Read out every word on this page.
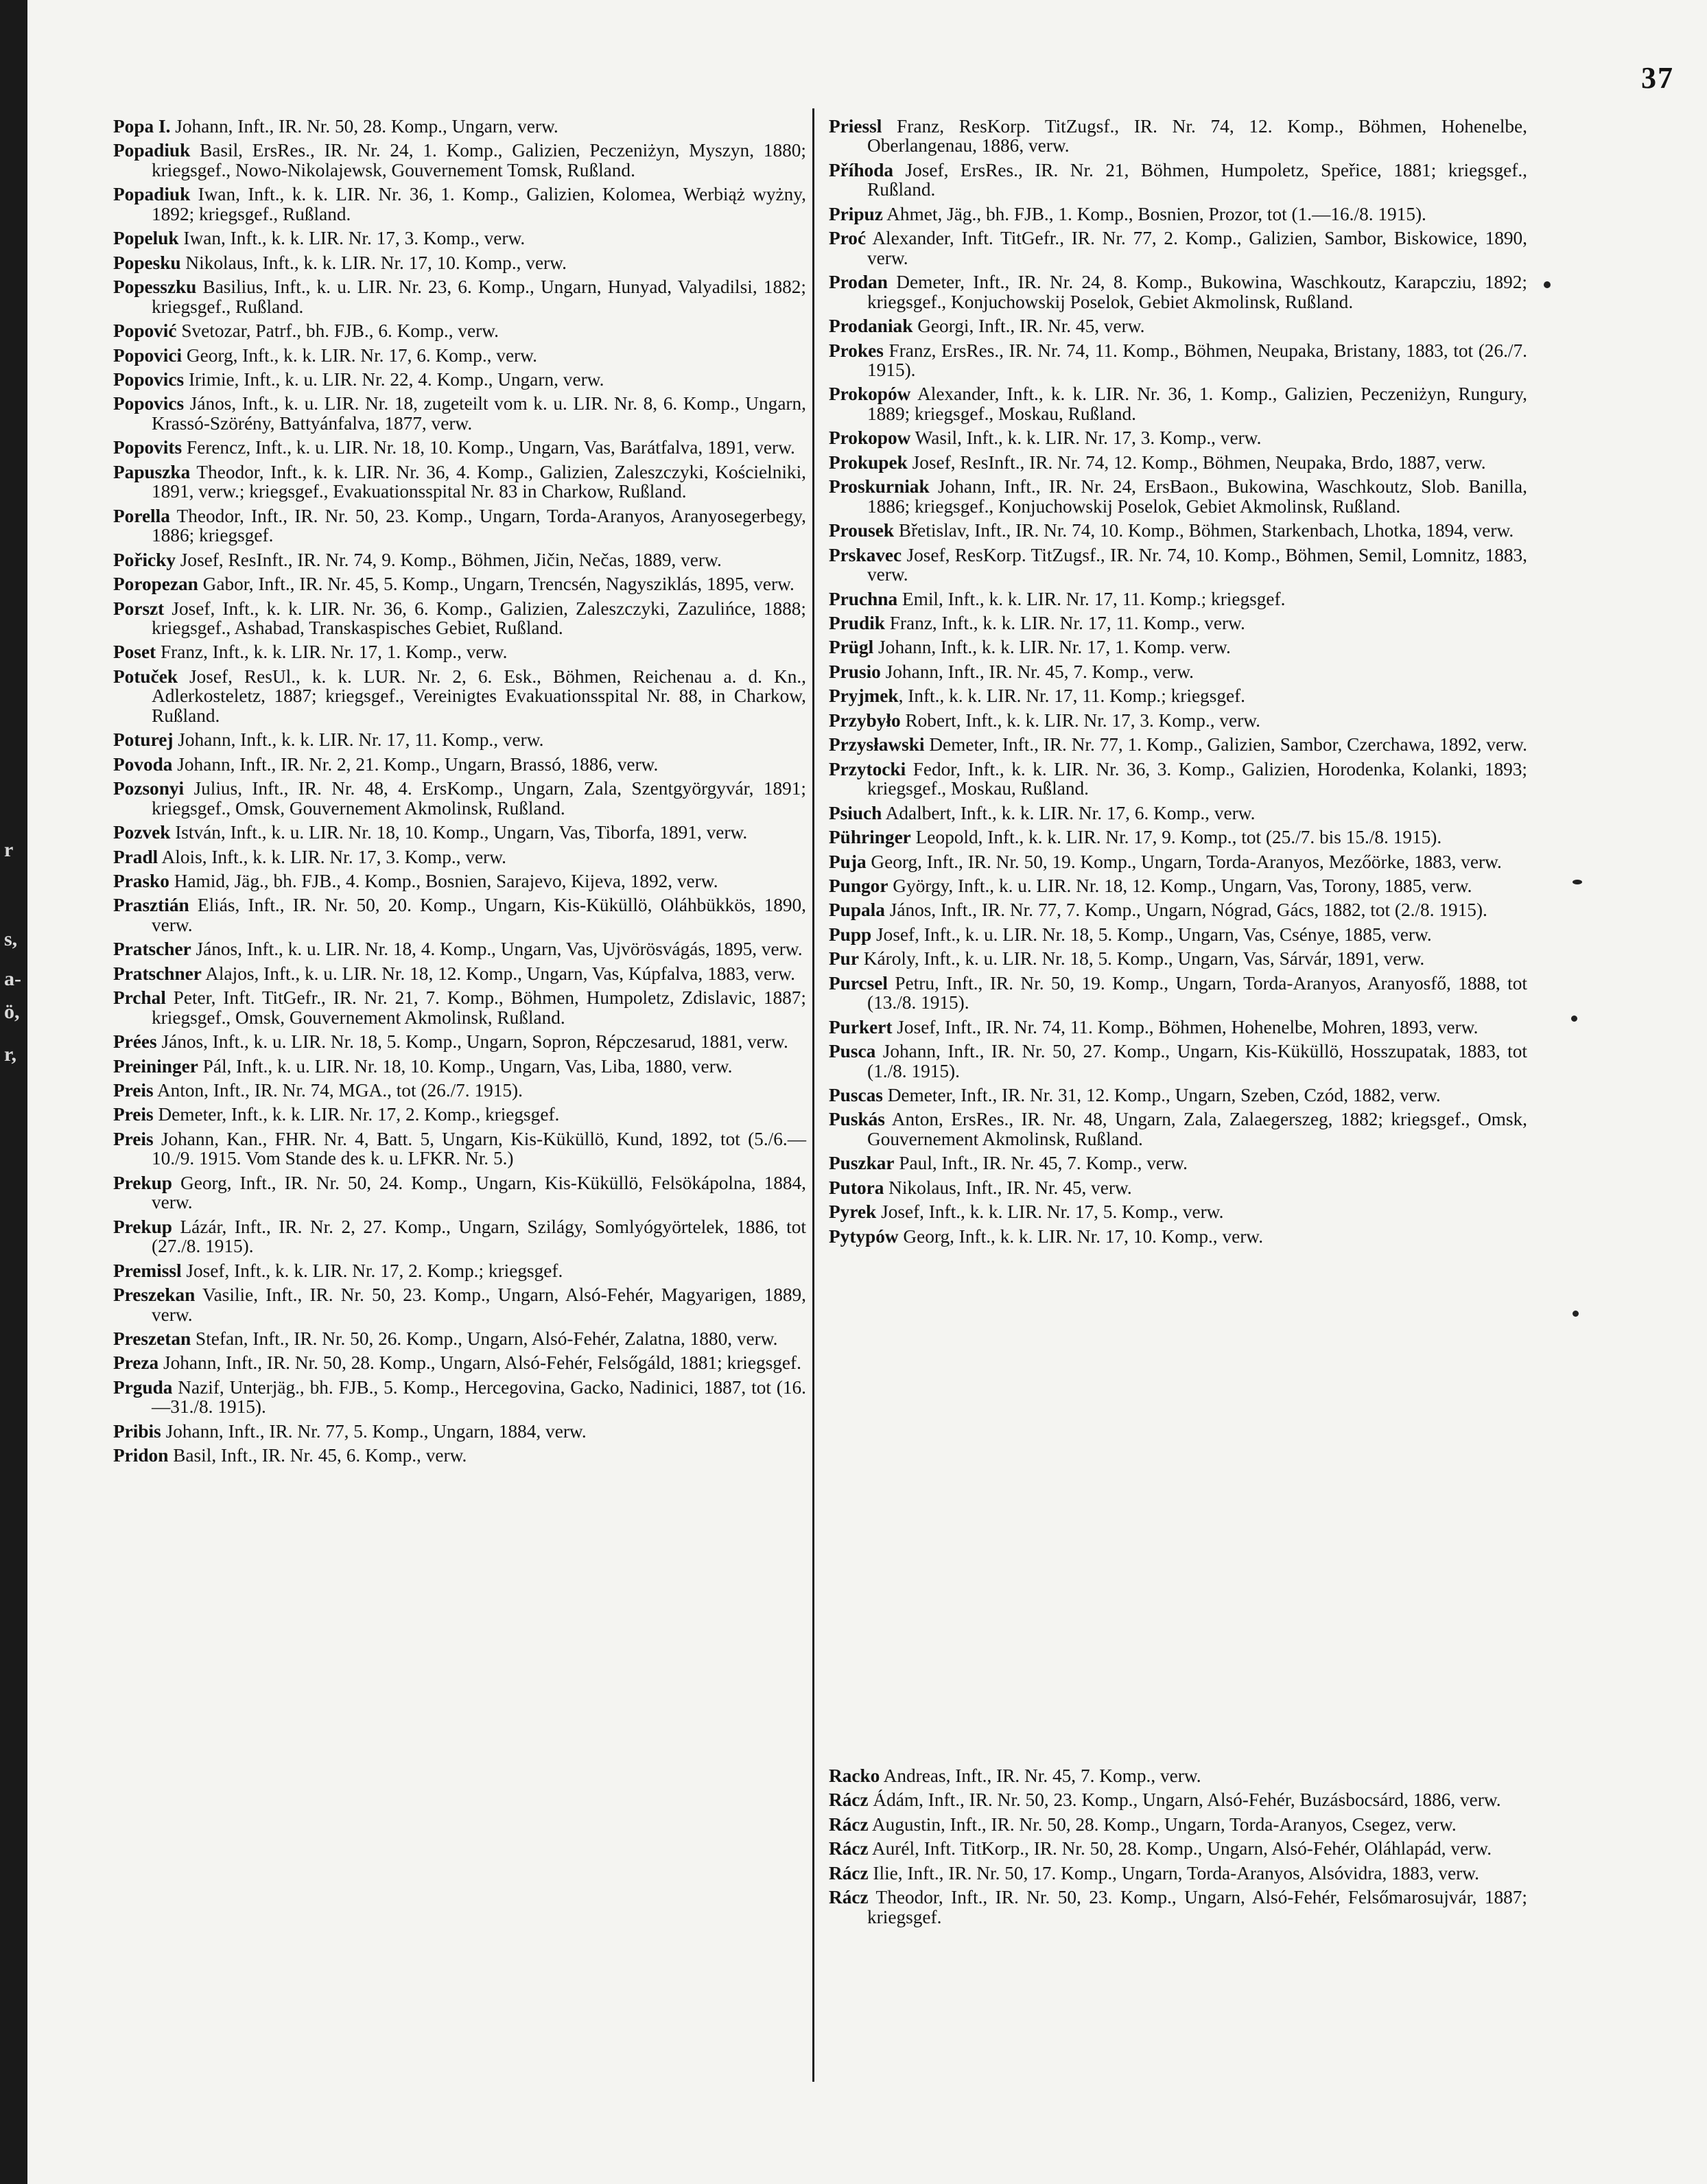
r
s,
a-
ö,
r,
37
Popa I. Johann, Inft., IR. Nr. 50, 28. Komp., Ungarn, verw.
Popadiuk Basil, ErsRes., IR. Nr. 24, 1. Komp., Galizien, Peczeniżyn, Myszyn, 1880; kriegsgef., Nowo-Nikolajewsk, Gouvernement Tomsk, Rußland.
Popadiuk Iwan, Inft., k. k. LIR. Nr. 36, 1. Komp., Galizien, Kolomea, Werbiąż wyżny, 1892; kriegsgef., Rußland.
Popeluk Iwan, Inft., k. k. LIR. Nr. 17, 3. Komp., verw.
Popesku Nikolaus, Inft., k. k. LIR. Nr. 17, 10. Komp., verw.
Popesszku Basilius, Inft., k. u. LIR. Nr. 23, 6. Komp., Ungarn, Hunyad, Valyadilsi, 1882; kriegsgef., Rußland.
Popović Svetozar, Patrf., bh. FJB., 6. Komp., verw.
Popovici Georg, Inft., k. k. LIR. Nr. 17, 6. Komp., verw.
Popovics Irimie, Inft., k. u. LIR. Nr. 22, 4. Komp., Ungarn, verw.
Popovics János, Inft., k. u. LIR. Nr. 18, zugeteilt vom k. u. LIR. Nr. 8, 6. Komp., Ungarn, Krassó-Szörény, Battyánfalva, 1877, verw.
Popovits Ferencz, Inft., k. u. LIR. Nr. 18, 10. Komp., Ungarn, Vas, Barátfalva, 1891, verw.
Papuszka Theodor, Inft., k. k. LIR. Nr. 36, 4. Komp., Galizien, Zaleszczyki, Kościelniki, 1891, verw.; kriegsgef., Evakuationsspital Nr. 83 in Charkow, Rußland.
Porella Theodor, Inft., IR. Nr. 50, 23. Komp., Ungarn, Torda-Aranyos, Aranyosegerbegy, 1886; kriegsgef.
Pořicky Josef, ResInft., IR. Nr. 74, 9. Komp., Böhmen, Jičin, Nečas, 1889, verw.
Poropezan Gabor, Inft., IR. Nr. 45, 5. Komp., Ungarn, Trencsén, Nagysziklás, 1895, verw.
Porszt Josef, Inft., k. k. LIR. Nr. 36, 6. Komp., Galizien, Zaleszczyki, Zazulińce, 1888; kriegsgef., Ashabad, Transkaspisches Gebiet, Rußland.
Poset Franz, Inft., k. k. LIR. Nr. 17, 1. Komp., verw.
Potuček Josef, ResUl., k. k. LUR. Nr. 2, 6. Esk., Böhmen, Reichenau a. d. Kn., Adlerkosteletz, 1887; kriegsgef., Vereinigtes Evakuationsspital Nr. 88, in Charkow, Rußland.
Poturej Johann, Inft., k. k. LIR. Nr. 17, 11. Komp., verw.
Povoda Johann, Inft., IR. Nr. 2, 21. Komp., Ungarn, Brassó, 1886, verw.
Pozsonyi Julius, Inft., IR. Nr. 48, 4. ErsKomp., Ungarn, Zala, Szentgyörgyvár, 1891; kriegsgef., Omsk, Gouvernement Akmolinsk, Rußland.
Pozvek István, Inft., k. u. LIR. Nr. 18, 10. Komp., Ungarn, Vas, Tiborfa, 1891, verw.
Pradl Alois, Inft., k. k. LIR. Nr. 17, 3. Komp., verw.
Prasko Hamid, Jäg., bh. FJB., 4. Komp., Bosnien, Sarajevo, Kijeva, 1892, verw.
Prasztián Eliás, Inft., IR. Nr. 50, 20. Komp., Ungarn, Kis-Küküllö, Oláhbükkös, 1890, verw.
Pratscher János, Inft., k. u. LIR. Nr. 18, 4. Komp., Ungarn, Vas, Ujvörösvágás, 1895, verw.
Pratschner Alajos, Inft., k. u. LIR. Nr. 18, 12. Komp., Ungarn, Vas, Kúpfalva, 1883, verw.
Prchal Peter, Inft. TitGefr., IR. Nr. 21, 7. Komp., Böhmen, Humpoletz, Zdislavic, 1887; kriegsgef., Omsk, Gouvernement Akmolinsk, Rußland.
Prées János, Inft., k. u. LIR. Nr. 18, 5. Komp., Ungarn, Sopron, Répczesarud, 1881, verw.
Preininger Pál, Inft., k. u. LIR. Nr. 18, 10. Komp., Ungarn, Vas, Liba, 1880, verw.
Preis Anton, Inft., IR. Nr. 74, MGA., tot (26./7. 1915).
Preis Demeter, Inft., k. k. LIR. Nr. 17, 2. Komp., kriegsgef.
Preis Johann, Kan., FHR. Nr. 4, Batt. 5, Ungarn, Kis-Küküllö, Kund, 1892, tot (5./6.—10./9. 1915. Vom Stande des k. u. LFKR. Nr. 5.)
Prekup Georg, Inft., IR. Nr. 50, 24. Komp., Ungarn, Kis-Küküllö, Felsökápolna, 1884, verw.
Prekup Lázár, Inft., IR. Nr. 2, 27. Komp., Ungarn, Szilágy, Somlyógyörtelek, 1886, tot (27./8. 1915).
Premissl Josef, Inft., k. k. LIR. Nr. 17, 2. Komp.; kriegsgef.
Preszekan Vasilie, Inft., IR. Nr. 50, 23. Komp., Ungarn, Alsó-Fehér, Magyarigen, 1889, verw.
Preszetan Stefan, Inft., IR. Nr. 50, 26. Komp., Ungarn, Alsó-Fehér, Zalatna, 1880, verw.
Preza Johann, Inft., IR. Nr. 50, 28. Komp., Ungarn, Alsó-Fehér, Felsőgáld, 1881; kriegsgef.
Prguda Nazif, Unterjäg., bh. FJB., 5. Komp., Hercegovina, Gacko, Nadinici, 1887, tot (16.—31./8. 1915).
Pribis Johann, Inft., IR. Nr. 77, 5. Komp., Ungarn, 1884, verw.
Pridon Basil, Inft., IR. Nr. 45, 6. Komp., verw.
Priessl Franz, ResKorp. TitZugsf., IR. Nr. 74, 12. Komp., Böhmen, Hohenelbe, Oberlangenau, 1886, verw.
Příhoda Josef, ErsRes., IR. Nr. 21, Böhmen, Humpoletz, Speřice, 1881; kriegsgef., Rußland.
Pripuz Ahmet, Jäg., bh. FJB., 1. Komp., Bosnien, Prozor, tot (1.—16./8. 1915).
Proć Alexander, Inft. TitGefr., IR. Nr. 77, 2. Komp., Galizien, Sambor, Biskowice, 1890, verw.
Prodan Demeter, Inft., IR. Nr. 24, 8. Komp., Bukowina, Waschkoutz, Karapcziu, 1892; kriegsgef., Konjuchowskij Poselok, Gebiet Akmolinsk, Rußland.
Prodaniak Georgi, Inft., IR. Nr. 45, verw.
Prokes Franz, ErsRes., IR. Nr. 74, 11. Komp., Böhmen, Neupaka, Bristany, 1883, tot (26./7. 1915).
Prokopów Alexander, Inft., k. k. LIR. Nr. 36, 1. Komp., Galizien, Peczeniżyn, Rungury, 1889; kriegsgef., Moskau, Rußland.
Prokopow Wasil, Inft., k. k. LIR. Nr. 17, 3. Komp., verw.
Prokupek Josef, ResInft., IR. Nr. 74, 12. Komp., Böhmen, Neupaka, Brdo, 1887, verw.
Proskurniak Johann, Inft., IR. Nr. 24, ErsBaon., Bukowina, Waschkoutz, Slob. Banilla, 1886; kriegsgef., Konjuchowskij Poselok, Gebiet Akmolinsk, Rußland.
Prousek Břetislav, Inft., IR. Nr. 74, 10. Komp., Böhmen, Starkenbach, Lhotka, 1894, verw.
Prskavec Josef, ResKorp. TitZugsf., IR. Nr. 74, 10. Komp., Böhmen, Semil, Lomnitz, 1883, verw.
Pruchna Emil, Inft., k. k. LIR. Nr. 17, 11. Komp.; kriegsgef.
Prudik Franz, Inft., k. k. LIR. Nr. 17, 11. Komp., verw.
Prügl Johann, Inft., k. k. LIR. Nr. 17, 1. Komp. verw.
Prusio Johann, Inft., IR. Nr. 45, 7. Komp., verw.
Pryjmek, Inft., k. k. LIR. Nr. 17, 11. Komp.; kriegsgef.
Przybyło Robert, Inft., k. k. LIR. Nr. 17, 3. Komp., verw.
Przysławski Demeter, Inft., IR. Nr. 77, 1. Komp., Galizien, Sambor, Czerchawa, 1892, verw.
Przytocki Fedor, Inft., k. k. LIR. Nr. 36, 3. Komp., Galizien, Horodenka, Kolanki, 1893; kriegsgef., Moskau, Rußland.
Psiuch Adalbert, Inft., k. k. LIR. Nr. 17, 6. Komp., verw.
Pühringer Leopold, Inft., k. k. LIR. Nr. 17, 9. Komp., tot (25./7. bis 15./8. 1915).
Puja Georg, Inft., IR. Nr. 50, 19. Komp., Ungarn, Torda-Aranyos, Mezőörke, 1883, verw.
Pungor György, Inft., k. u. LIR. Nr. 18, 12. Komp., Ungarn, Vas, Torony, 1885, verw.
Pupala János, Inft., IR. Nr. 77, 7. Komp., Ungarn, Nógrad, Gács, 1882, tot (2./8. 1915).
Pupp Josef, Inft., k. u. LIR. Nr. 18, 5. Komp., Ungarn, Vas, Csénye, 1885, verw.
Pur Károly, Inft., k. u. LIR. Nr. 18, 5. Komp., Ungarn, Vas, Sárvár, 1891, verw.
Purcsel Petru, Inft., IR. Nr. 50, 19. Komp., Ungarn, Torda-Aranyos, Aranyosfő, 1888, tot (13./8. 1915).
Purkert Josef, Inft., IR. Nr. 74, 11. Komp., Böhmen, Hohenelbe, Mohren, 1893, verw.
Pusca Johann, Inft., IR. Nr. 50, 27. Komp., Ungarn, Kis-Küküllö, Hosszupatak, 1883, tot (1./8. 1915).
Puscas Demeter, Inft., IR. Nr. 31, 12. Komp., Ungarn, Szeben, Czód, 1882, verw.
Puskás Anton, ErsRes., IR. Nr. 48, Ungarn, Zala, Zalaegerszeg, 1882; kriegsgef., Omsk, Gouvernement Akmolinsk, Rußland.
Puszkar Paul, Inft., IR. Nr. 45, 7. Komp., verw.
Putora Nikolaus, Inft., IR. Nr. 45, verw.
Pyrek Josef, Inft., k. k. LIR. Nr. 17, 5. Komp., verw.
Pytypów Georg, Inft., k. k. LIR. Nr. 17, 10. Komp., verw.
Racko Andreas, Inft., IR. Nr. 45, 7. Komp., verw.
Rácz Ádám, Inft., IR. Nr. 50, 23. Komp., Ungarn, Alsó-Fehér, Buzásbocsárd, 1886, verw.
Rácz Augustin, Inft., IR. Nr. 50, 28. Komp., Ungarn, Torda-Aranyos, Csegez, verw.
Rácz Aurél, Inft. TitKorp., IR. Nr. 50, 28. Komp., Ungarn, Alsó-Fehér, Oláhlapád, verw.
Rácz Ilie, Inft., IR. Nr. 50, 17. Komp., Ungarn, Torda-Aranyos, Alsóvidra, 1883, verw.
Rácz Theodor, Inft., IR. Nr. 50, 23. Komp., Ungarn, Alsó-Fehér, Felsőmarosujvár, 1887; kriegsgef.
